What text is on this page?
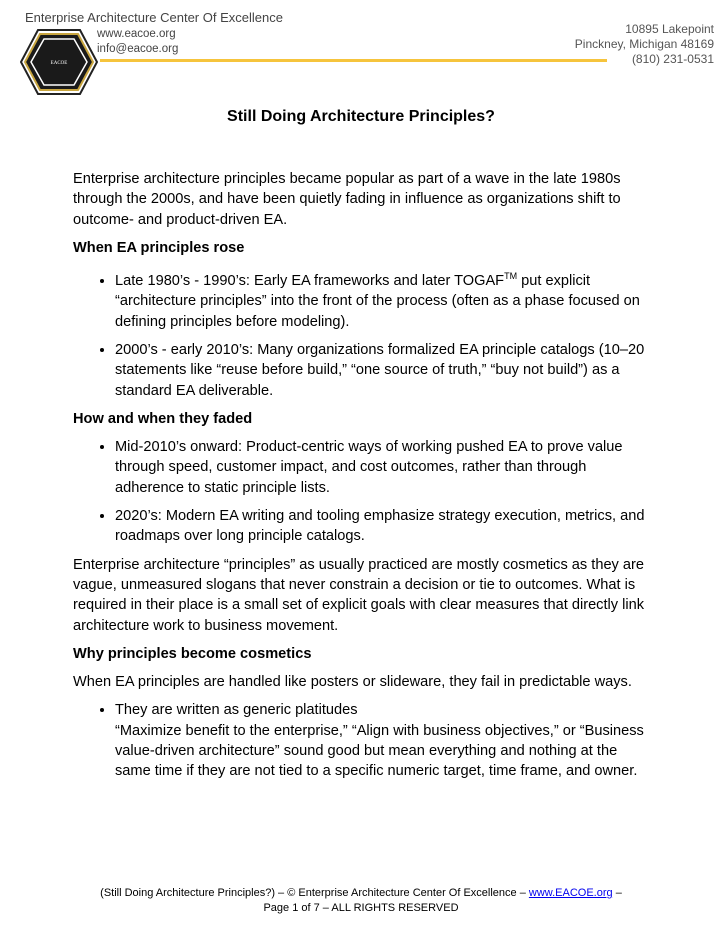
Enterprise Architecture Center Of Excellence
EACOE
www.eacoe.org
info@eacoe.org
10895 Lakepoint
Pinckney, Michigan 48169
(810) 231-0531
Still Doing Architecture Principles?

Enterprise architecture principles became popular as part of a wave in the late 1980s through the 2000s, and have been quietly fading in influence as organizations shift to outcome- and product-driven EA.

When EA principles rose
• Late 1980’s - 1990’s: Early EA frameworks and later TOGAF™ put explicit “architecture principles” into the front of the process (often as a phase focused on defining principles before modeling).
• 2000’s - early 2010’s: Many organizations formalized EA principle catalogs (10–20 statements like “reuse before build,” “one source of truth,” “buy not build”) as a standard EA deliverable.
How and when they faded
• Mid-2010’s onward: Product-centric ways of working pushed EA to prove value through speed, customer impact, and cost outcomes, rather than through adherence to static principle lists.
• 2020’s: Modern EA writing and tooling emphasize strategy execution, metrics, and roadmaps over long principle catalogs.

Enterprise architecture “principles” as usually practiced are mostly cosmetics as they are vague, unmeasured slogans that never constrain a decision or tie to outcomes. What is required in their place is a small set of explicit goals with clear measures that directly link architecture work to business movement.

Why principles become cosmetics

When EA principles are handled like posters or slideware, they fail in predictable ways.

• They are written as generic platitudes
“Maximize benefit to the enterprise,” “Align with business objectives,” or “Business value-driven architecture” sound good but mean everything and nothing at the same time if they are not tied to a specific numeric target, time frame, and owner.
(Still Doing Architecture Principles?) – © Enterprise Architecture Center Of Excellence – www.EACOE.org –
Page 1 of 7 – ALL RIGHTS RESERVED
